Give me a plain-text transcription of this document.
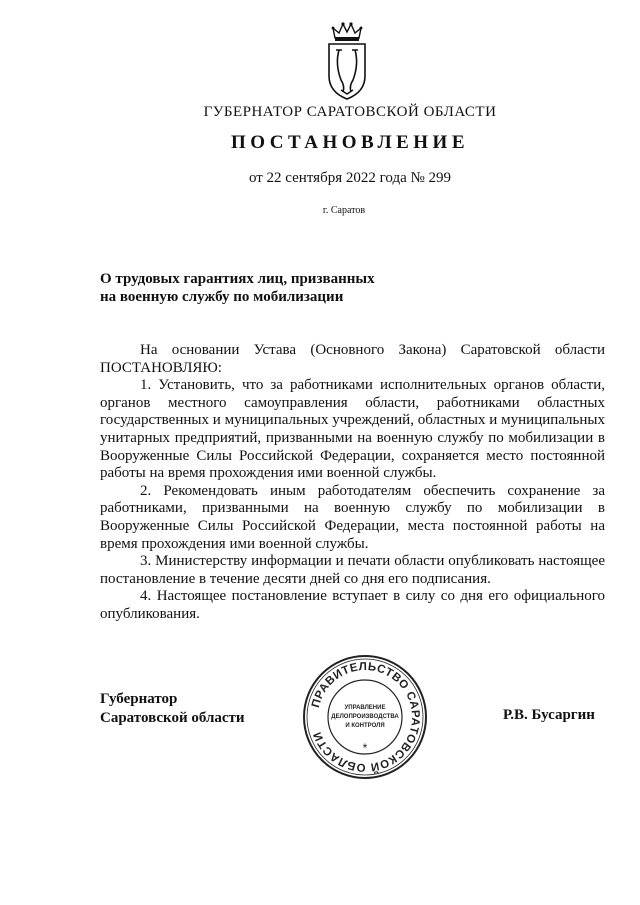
ГУБЕРНАТОР САРАТОВСКОЙ ОБЛАСТИ
ПОСТАНОВЛЕНИЕ
от 22 сентября 2022 года № 299
г. Саратов
О трудовых гарантиях лиц, призванных
на военную службу по мобилизации

На основании Устава (Основного Закона) Саратовской области ПОСТАНОВЛЯЮ:

1. Установить, что за работниками исполнительных органов области, органов местного самоуправления области, работниками областных государственных и муниципальных учреждений, областных и муниципальных унитарных предприятий, призванными на военную службу по мобилизации в Вооруженные Силы Российской Федерации, сохраняется место постоянной работы на время прохождения ими военной службы.

2. Рекомендовать иным работодателям обеспечить сохранение за работниками, призванными на военную службу по мобилизации в Вооруженные Силы Российской Федерации, места постоянной работы на время прохождения ими военной службы.

3. Министерству информации и печати области опубликовать настоящее постановление в течение десяти дней со дня его подписания.

4. Настоящее постановление вступает в силу со дня его официального опубликования.

Губернатор
Саратовской области	Р.В. Бусаргин
ПРАВИТЕЛЬСТВО САРАТОВСКОЙ ОБЛАСТИ
УПРАВЛЕНИЕ
ДЕЛОПРОИЗВОДСТВА
И КОНТРОЛЯ
*
